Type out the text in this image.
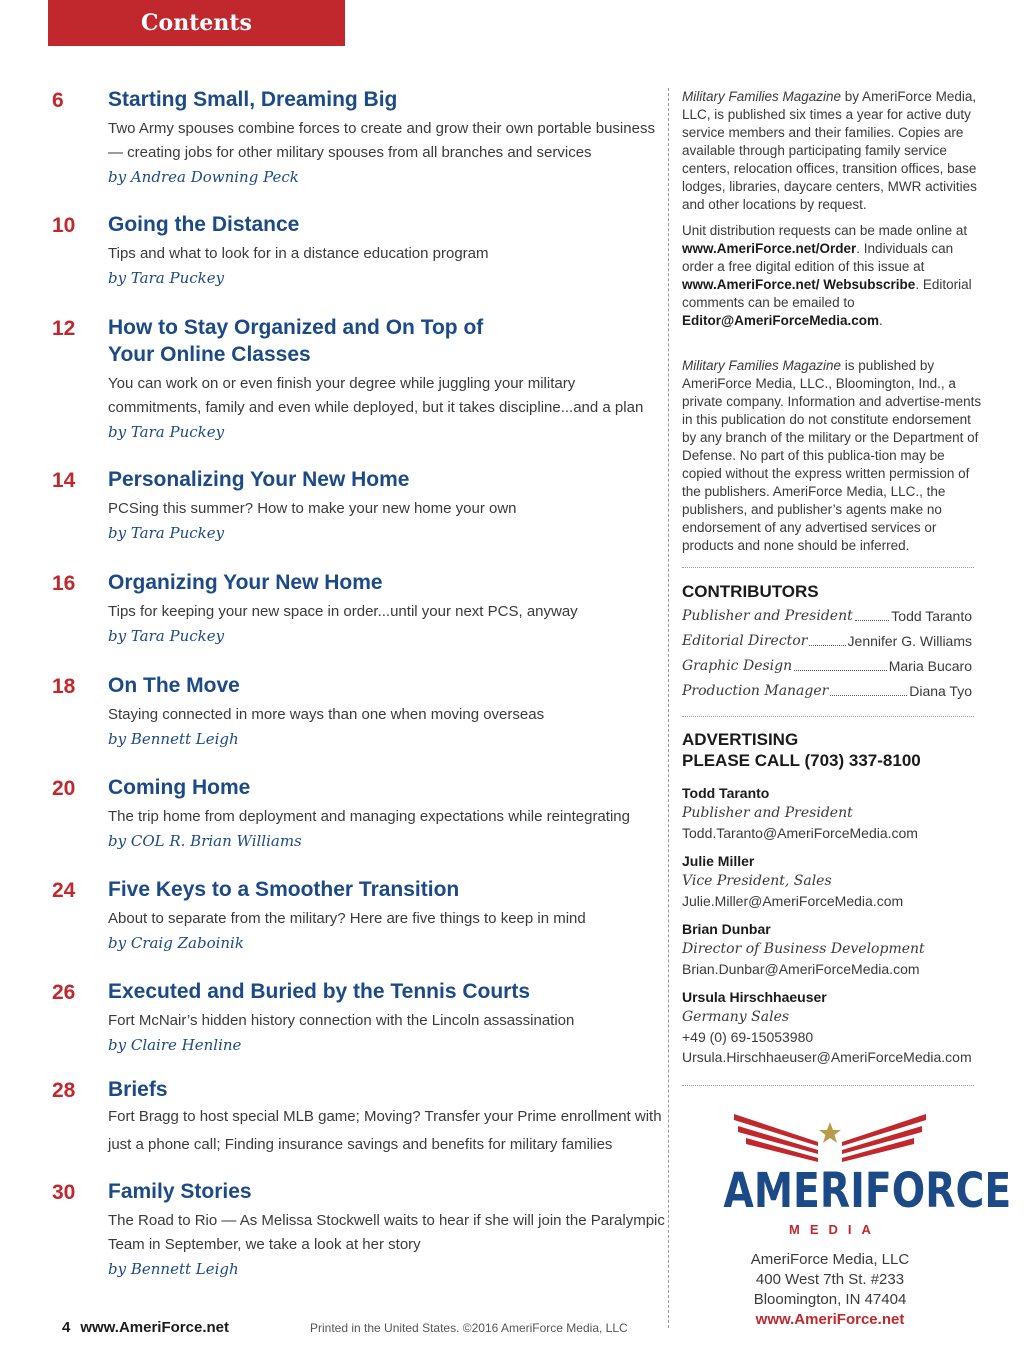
Contents
6	Starting Small, Dreaming Big
Two Army spouses combine forces to create and grow their own portable business
— creating jobs for other military spouses from all branches and services
by Andrea Downing Peck
10	Going the Distance
Tips and what to look for in a distance education program
by Tara Puckey
12	How to Stay Organized and On Top of
Your Online Classes
You can work on or even finish your degree while juggling your military
commitments, family and even while deployed, but it takes discipline...and a plan
by Tara Puckey
14	Personalizing Your New Home
PCSing this summer? How to make your new home your own
by Tara Puckey
16	Organizing Your New Home
Tips for keeping your new space in order...until your next PCS, anyway
by Tara Puckey
18	On The Move
Staying connected in more ways than one when moving overseas
by Bennett Leigh
20	Coming Home
The trip home from deployment and managing expectations while reintegrating
by COL R. Brian Williams
24	Five Keys to a Smoother Transition
About to separate from the military? Here are five things to keep in mind
by Craig Zaboinik
26	Executed and Buried by the Tennis Courts
Fort McNair’s hidden history connection with the Lincoln assassination
by Claire Henline
28	Briefs
Fort Bragg to host special MLB game; Moving? Transfer your Prime enrollment with
just a phone call; Finding insurance savings and benefits for military families
30	Family Stories
The Road to Rio — As Melissa Stockwell waits to hear if she will join the Paralympic
Team in September, we take a look at her story
by Bennett Leigh

Military Families Magazine by AmeriForce Media, LLC, is published six times a year for active duty service members and their families. Copies are available through participating family service centers, relocation offices, transition offices, base lodges, libraries, daycare centers, MWR activities and other locations by request.

Unit distribution requests can be made online at www.AmeriForce.net/Order. Individuals can order a free digital edition of this issue at www.AmeriForce.net/ Websubscribe. Editorial comments can be emailed to Editor@AmeriForceMedia.com.

Military Families Magazine is published by AmeriForce Media, LLC., Bloomington, Ind., a private company. Information and advertise-ments in this publication do not constitute endorsement by any branch of the military or the Department of Defense. No part of this publica-tion may be copied without the express written permission of the publishers. AmeriForce Media, LLC., the publishers, and publisher’s agents make no endorsement of any advertised services or products and none should be inferred.

CONTRIBUTORS
Publisher and President	Todd Taranto
Editorial Director	Jennifer G. Williams
Graphic Design	Maria Bucaro
Production Manager	Diana Tyo
ADVERTISING
PLEASE CALL (703) 337-8100
Todd Taranto
Publisher and President
Todd.Taranto@AmeriForceMedia.com
Julie Miller
Vice President, Sales
Julie.Miller@AmeriForceMedia.com
Brian Dunbar
Director of Business Development
Brian.Dunbar@AmeriForceMedia.com
Ursula Hirschhaeuser
Germany Sales
+49 (0) 69-15053980
Ursula.Hirschhaeuser@AmeriForceMedia.com
AMERIFORCE
MEDIA
AmeriForce Media, LLC
400 West 7th St. #233
Bloomington, IN 47404
www.AmeriForce.net
4 www.AmeriForce.net	Printed in the United States. ©2016 AmeriForce Media, LLC
